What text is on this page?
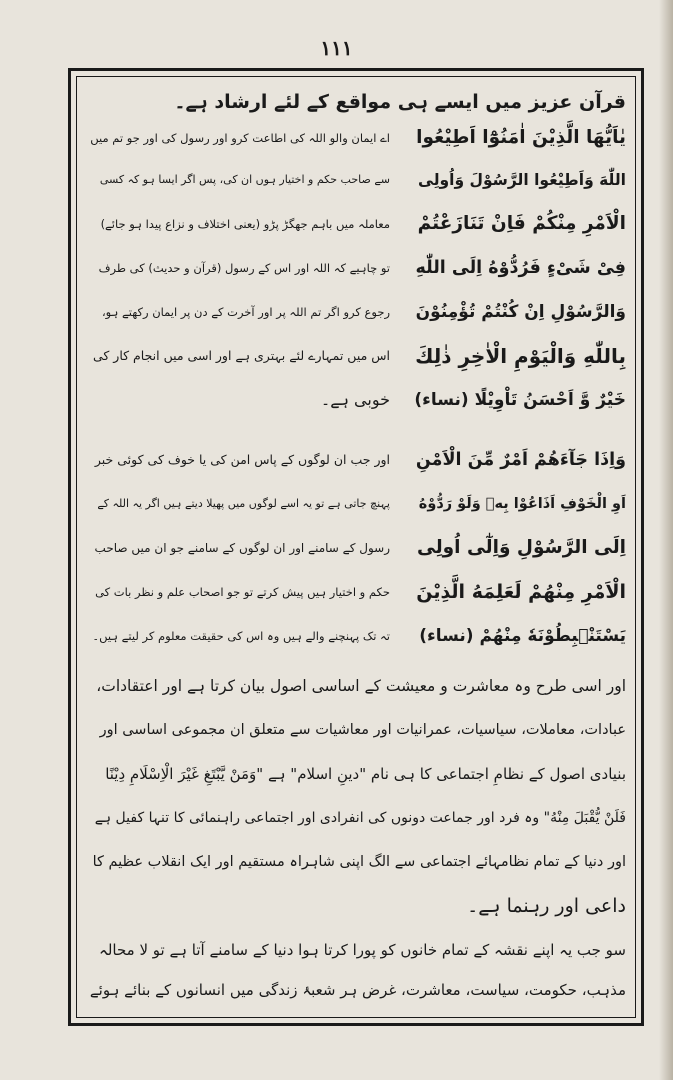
۱۱۱
قرآن عزیز میں ایسے ہی مواقع کے لئے ارشاد ہے۔
یٰاَیُّهَا الَّذِیْنَ اٰمَنُوْٓا اَطِیْعُوا
اے ایمان والو اللہ کی اطاعت کرو اور رسول کی اور جو تم میں
اللّٰهَ وَاَطِیْعُوا الرَّسُوْلَ وَاُولِی
سے صاحب حکم و اختیار ہوں ان کی، پس اگر ایسا ہو کہ کسی
الْاَمْرِ مِنْكُمْ فَاِنْ تَنَازَعْتُمْ
معاملہ میں باہم جھگڑ پڑو (یعنی اختلاف و نزاع پیدا ہو جائے)
فِیْ شَیْءٍ فَرُدُّوْهُ اِلَی اللّٰهِ
تو چاہیے کہ اللہ اور اس کے رسول (قرآن و حدیث) کی طرف
وَالرَّسُوْلِ اِنْ كُنْتُمْ تُؤْمِنُوْنَ
رجوع کرو اگر تم اللہ پر اور آخرت کے دن پر ایمان رکھتے ہو،
بِاللّٰهِ وَالْیَوْمِ الْاٰخِرِ ذٰلِكَ
اس میں تمہارے لئے بہتری ہے اور اسی میں انجام کار کی
خَیْرٌ وَّ اَحْسَنُ تَاْوِیْلًا (نساء)
خوبی ہے۔
وَاِذَا جَآءَهُمْ اَمْرٌ مِّنَ الْاَمْنِ
اور جب ان لوگوں کے پاس امن کی یا خوف کی کوئی خبر
اَوِ الْخَوْفِ اَذَاعُوْا بِهٖ وَلَوْ رَدُّوْهُ
پہنچ جاتی ہے تو یہ اسے لوگوں میں پھیلا دیتے ہیں اگر یہ اللہ کے
اِلَی الرَّسُوْلِ وَاِلٰٓی اُولِی
رسول کے سامنے اور ان لوگوں کے سامنے جو ان میں صاحب
الْاَمْرِ مِنْهُمْ لَعَلِمَهُ الَّذِیْنَ
حکم و اختیار ہیں پیش کرتے تو جو اصحاب علم و نظر بات کی
یَسْتَنْۢبِطُوْنَهٗ مِنْهُمْ (نساء)
تہ تک پہنچنے والے ہیں وہ اس کی حقیقت معلوم کر لیتے ہیں۔
اور اسی طرح وہ معاشرت و معیشت کے اساسی اصول بیان کرتا ہے اور اعتقادات،
عبادات، معاملات، سیاسیات، عمرانیات اور معاشیات سے متعلق ان مجموعی اساسی اور
بنیادی اصول کے نظامِ اجتماعی کا ہی نام "دینِ اسلام" ہے "وَمَنْ یَّبْتَغِ غَیْرَ الْاِسْلَامِ دِیْنًا
فَلَنْ یُّقْبَلَ مِنْهُ" وہ فرد اور جماعت دونوں کی انفرادی اور اجتماعی راہنمائی کا تنہا کفیل ہے
اور دنیا کے تمام نظامہائے اجتماعی سے الگ اپنی شاہراہ مستقیم اور ایک انقلاب عظیم کا
داعی اور رہنما ہے۔
سو جب یہ اپنے نقشہ کے تمام خانوں کو پورا کرتا ہوا دنیا کے سامنے آتا ہے تو لا محالہ
مذہب، حکومت، سیاست، معاشرت، غرض ہر شعبۂ زندگی میں انسانوں کے بنائے ہوئے
